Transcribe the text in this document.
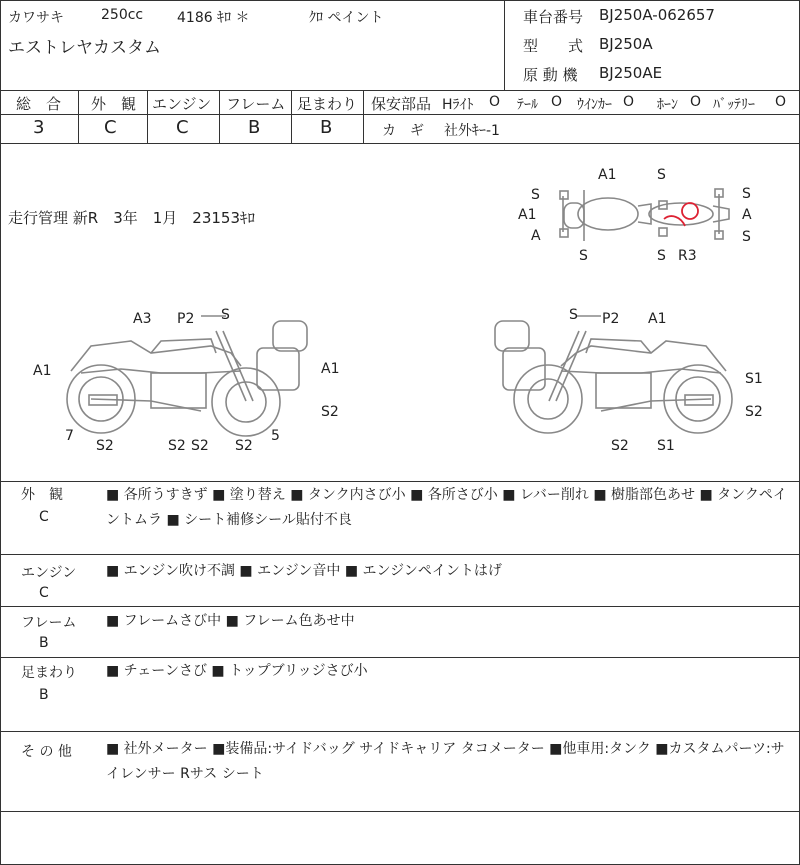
カワサキ	250cc 4186 ｷﾛ ＊	ｸﾛ ペイント
エストレヤカスタム
車台番号 BJ250A-062657
型　　式 BJ250A
原 動 機 BJ250AE
総　合 外　観 エンジン フレーム 足まわり
3	C	C	B	B
保安部品 Hﾗｲﾄ O ﾃｰﾙ O ｳｲﾝｶｰ O ﾎｰﾝ O ﾊﾞｯﾃﾘｰ O
カ　ギ 社外ｷｰ-1
走行管理 新R　3年　1月　23153ｷﾛ
A1	S
S
A1
A
S	S R3
S
A
S
A3 P2 S
A1	A1
7
S2	S2 S2 S2
S2
5
S P2 A1
S1
S2
S2 S1
外　観
C
■ 各所うすきず ■ 塗り替え ■ タンク内さび小 ■ 各所さび小 ■ レバー削れ ■ 樹脂部色あせ ■ タンクペイントムラ ■ シート補修シール貼付不良
エンジン
C
■ エンジン吹け不調 ■ エンジン音中 ■ エンジンペイントはげ
フレーム
B
■ フレームさび中 ■ フレーム色あせ中
足まわり
B
■ チェーンさび ■ トップブリッジさび小
そ の 他 ■ 社外メーター ■装備品:サイドバッグ サイドキャリア タコメーター ■他車用:タンク ■カスタムパーツ:サイレンサー Rサス シート
